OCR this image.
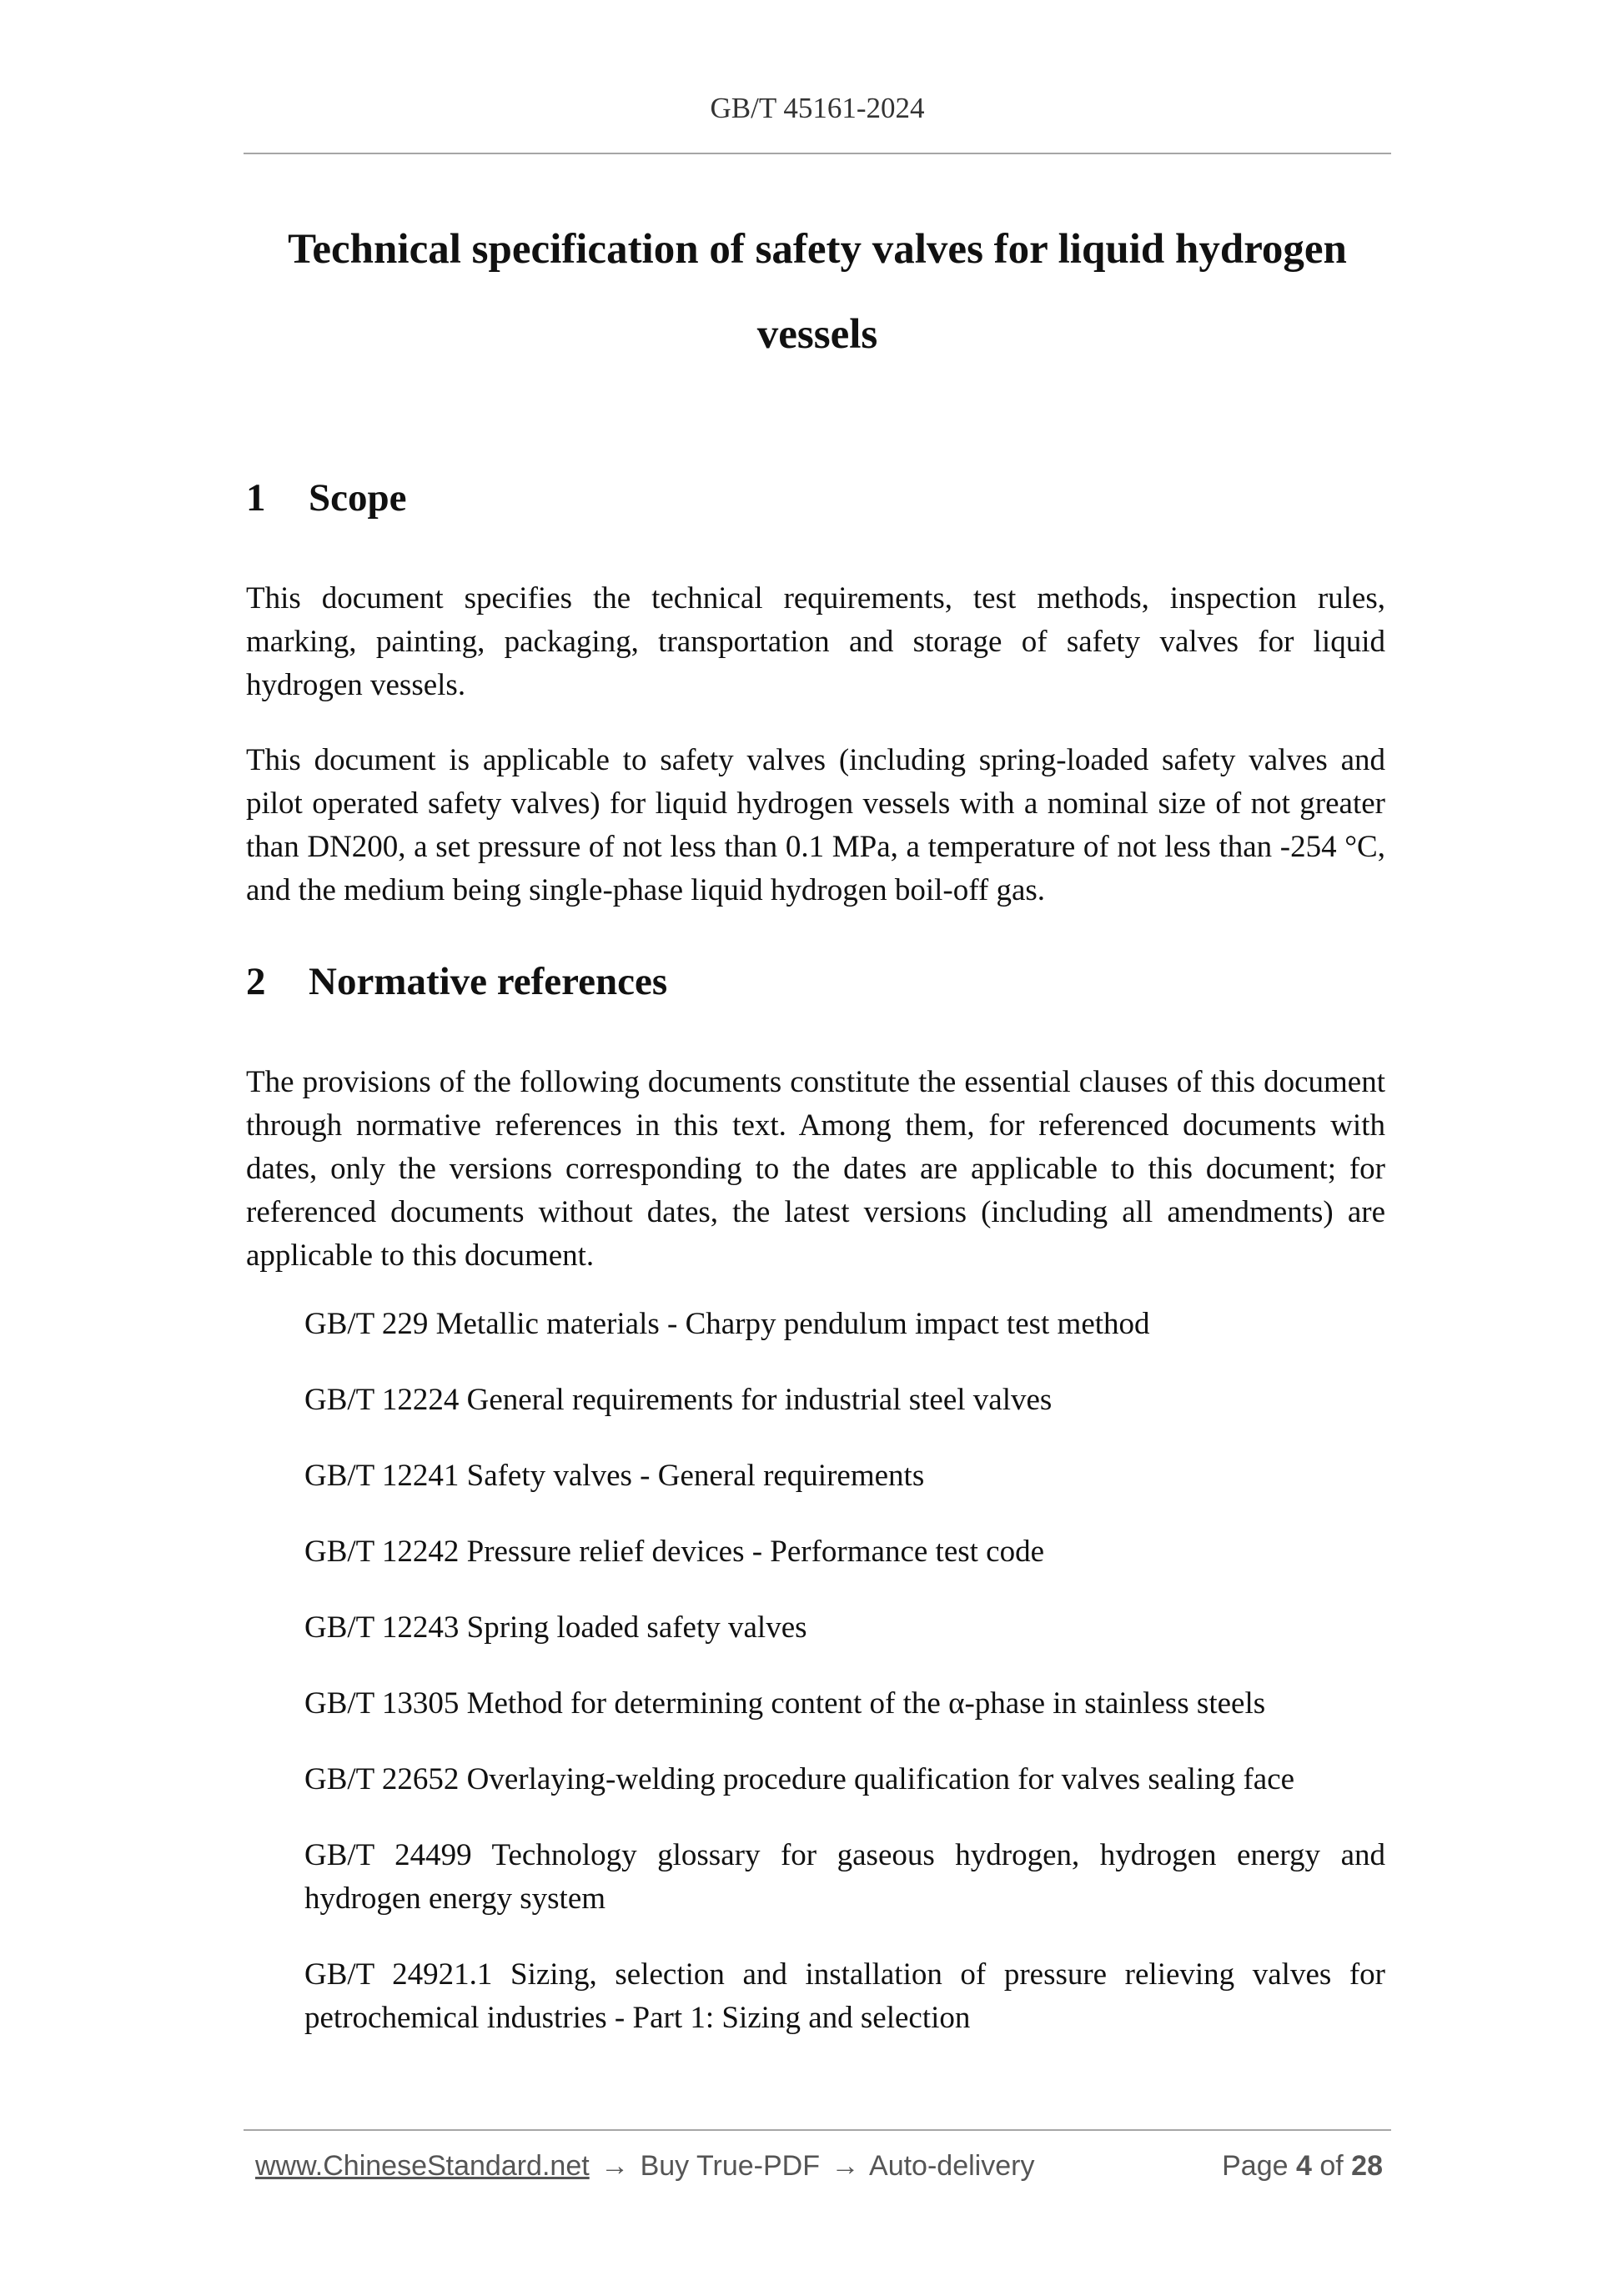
GB/T 45161-2024
Technical specification of safety valves for liquid hydrogen
vessels
1 Scope

This document specifies the technical requirements, test methods, inspection rules, marking, painting, packaging, transportation and storage of safety valves for liquid hydrogen vessels.

This document is applicable to safety valves (including spring-loaded safety valves and pilot operated safety valves) for liquid hydrogen vessels with a nominal size of not greater than DN200, a set pressure of not less than 0.1 MPa, a temperature of not less than -254 °C, and the medium being single-phase liquid hydrogen boil-off gas.

2 Normative references

The provisions of the following documents constitute the essential clauses of this document through normative references in this text. Among them, for referenced documents with dates, only the versions corresponding to the dates are applicable to this document; for referenced documents without dates, the latest versions (including all amendments) are applicable to this document.

GB/T 229 Metallic materials - Charpy pendulum impact test method
GB/T 12224 General requirements for industrial steel valves
GB/T 12241 Safety valves - General requirements
GB/T 12242 Pressure relief devices - Performance test code
GB/T 12243 Spring loaded safety valves
GB/T 13305 Method for determining content of the α-phase in stainless steels
GB/T 22652 Overlaying-welding procedure qualification for valves sealing face
GB/T 24499 Technology glossary for gaseous hydrogen, hydrogen energy and hydrogen energy system
GB/T 24921.1 Sizing, selection and installation of pressure relieving valves for petrochemical industries - Part 1: Sizing and selection
www.ChineseStandard.net → Buy True-PDF → Auto-delivery	Page 4 of 28
